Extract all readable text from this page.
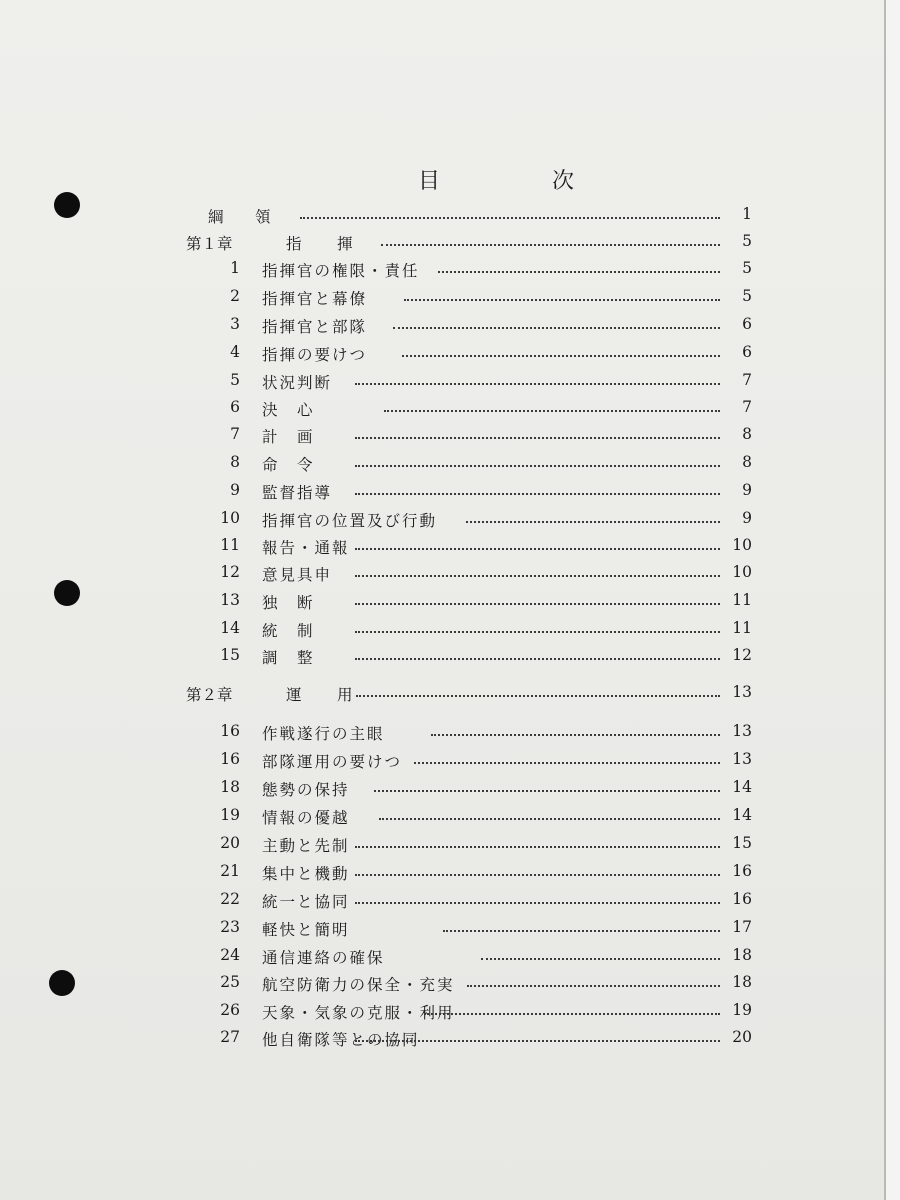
目	次
綱　領	1
第１章	指　揮	5
1 指揮官の権限・責任	5
2 指揮官と幕僚	5
3 指揮官と部隊	6
4 指揮の要けつ	6
5 状況判断	7
6 決　心	7
7 計　画	8
8 命　令	8
9 監督指導	9
10 指揮官の位置及び行動	9
11 報告・通報	10
12 意見具申	10
13 独　断	11
14 統　制	11
15 調　整	12
第２章	運　用	13
16 作戦遂行の主眼	13
16 部隊運用の要けつ	13
18 態勢の保持	14
19 情報の優越	14
20 主動と先制	15
21 集中と機動	16
22 統一と協同	16
23 軽快と簡明	17
24 通信連絡の確保	18
25 航空防衛力の保全・充実	18
26 天象・気象の克服・利用	19
27 他自衛隊等との協同	20
